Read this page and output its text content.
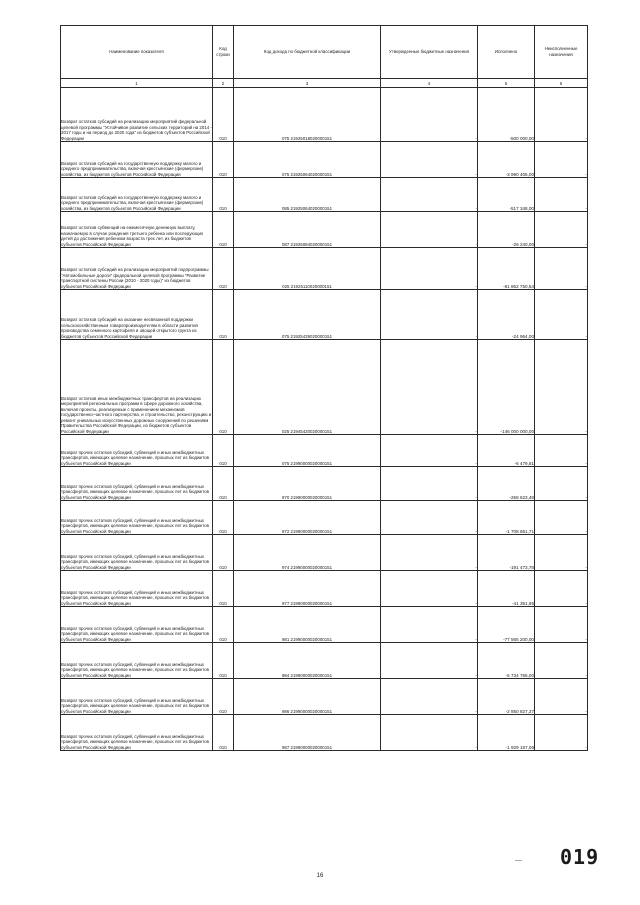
Наименование показателя	Код строки	Код дохода по бюджетной классификации	Утвержденные бюджетные назначения	Исполнено	Неисполненные назначения
1	2	3	4	5	6
Возврат остатков субсидий на реализацию мероприятий федеральной целевой программы "Устойчивое развитие сельских территорий на 2014 - 2017 годы и на период до 2020 года" из бюджетов субъектов Российской Федерации	010	075 21925018020000151	-	-500 000,00	-
Возврат остатков субсидий на государственную поддержку малого и среднего предпринимательства, включая крестьянские (фермерские) хозяйства, из бюджетов субъектов Российской Федерации	010	075 21925064020000151	-	-3 990 405,00	-
Возврат остатков субсидий на государственную поддержку малого и среднего предпринимательства, включая крестьянские (фермерские) хозяйства, из бюджетов субъектов Российской Федерации	010	085 21925064020000151	-	-517 348,00	-
Возврат остатков субвенций на ежемесячную денежную выплату, назначаемую в случае рождения третьего ребенка или последующих детей до достижения ребенком возраста трех лет, из бюджетов субъектов Российской Федерации	010	087 21925084020000151	-	-26 240,00	-
Возврат остатков субсидий на реализацию мероприятий подпрограммы "Автомобильные дороги" федеральной целевой программы "Развитие транспортной системы России (2010 - 2020 годы)" из бюджетов субъектов Российской Федерации	010	025 21925110020000151	-	-81 862 750,54	-
Возврат остатков субсидий на оказание несвязанной поддержки сельскохозяйственным товаропроизводителям в области развития производства семенного картофеля и овощей открытого грунта из бюджетов субъектов Российской Федерации	010	075 21925439020000151	-	-24 964,00	-
Возврат остатков иных межбюджетных трансфертов на реализацию мероприятий региональных программ в сфере дорожного хозяйства, включая проекты, реализуемые с применением механизмов государственно-частного партнерства, и строительство, реконструкцию и ремонт уникальных искусственных дорожных сооружений по решениям Правительства Российской Федерации, из бюджетов субъектов Российской Федерации	010	025 21945420020000151	-	-146 000 000,00	-
Возврат прочих остатков субсидий, субвенций и иных межбюджетных трансфертов, имеющих целевое назначение, прошлых лет из бюджетов субъектов Российской Федерации	010	075 21990000020000151	-	-6 479,61	-
Возврат прочих остатков субсидий, субвенций и иных межбюджетных трансфертов, имеющих целевое назначение, прошлых лет из бюджетов субъектов Российской Федерации	010	970 21990000020000151	-	-258 623,48	-
Возврат прочих остатков субсидий, субвенций и иных межбюджетных трансфертов, имеющих целевое назначение, прошлых лет из бюджетов субъектов Российской Федерации	010	972 21990000020000151	-	-1 708 651,71	-
Возврат прочих остатков субсидий, субвенций и иных межбюджетных трансфертов, имеющих целевое назначение, прошлых лет из бюджетов субъектов Российской Федерации	010	974 21990000020000151	-	-191 473,78	-
Возврат прочих остатков субсидий, субвенций и иных межбюджетных трансфертов, имеющих целевое назначение, прошлых лет из бюджетов субъектов Российской Федерации	010	977 21990000020000151	-	-41 351,65	-
Возврат прочих остатков субсидий, субвенций и иных межбюджетных трансфертов, имеющих целевое назначение, прошлых лет из бюджетов субъектов Российской Федерации	010	981 21990000020000151	-	-77 565 200,00	-
Возврат прочих остатков субсидий, субвенций и иных межбюджетных трансфертов, имеющих целевое назначение, прошлых лет из бюджетов субъектов Российской Федерации	010	984 21990000020000151	-	-5 734 765,00	-
Возврат прочих остатков субсидий, субвенций и иных межбюджетных трансфертов, имеющих целевое назначение, прошлых лет из бюджетов субъектов Российской Федерации	010	986 21990000020000151	-	-2 850 827,37	-
Возврат прочих остатков субсидий, субвенций и иных межбюджетных трансфертов, имеющих целевое назначение, прошлых лет из бюджетов субъектов Российской Федерации	010	987 21990000020000151	-	-1 929 157,06	-
— 019
16
